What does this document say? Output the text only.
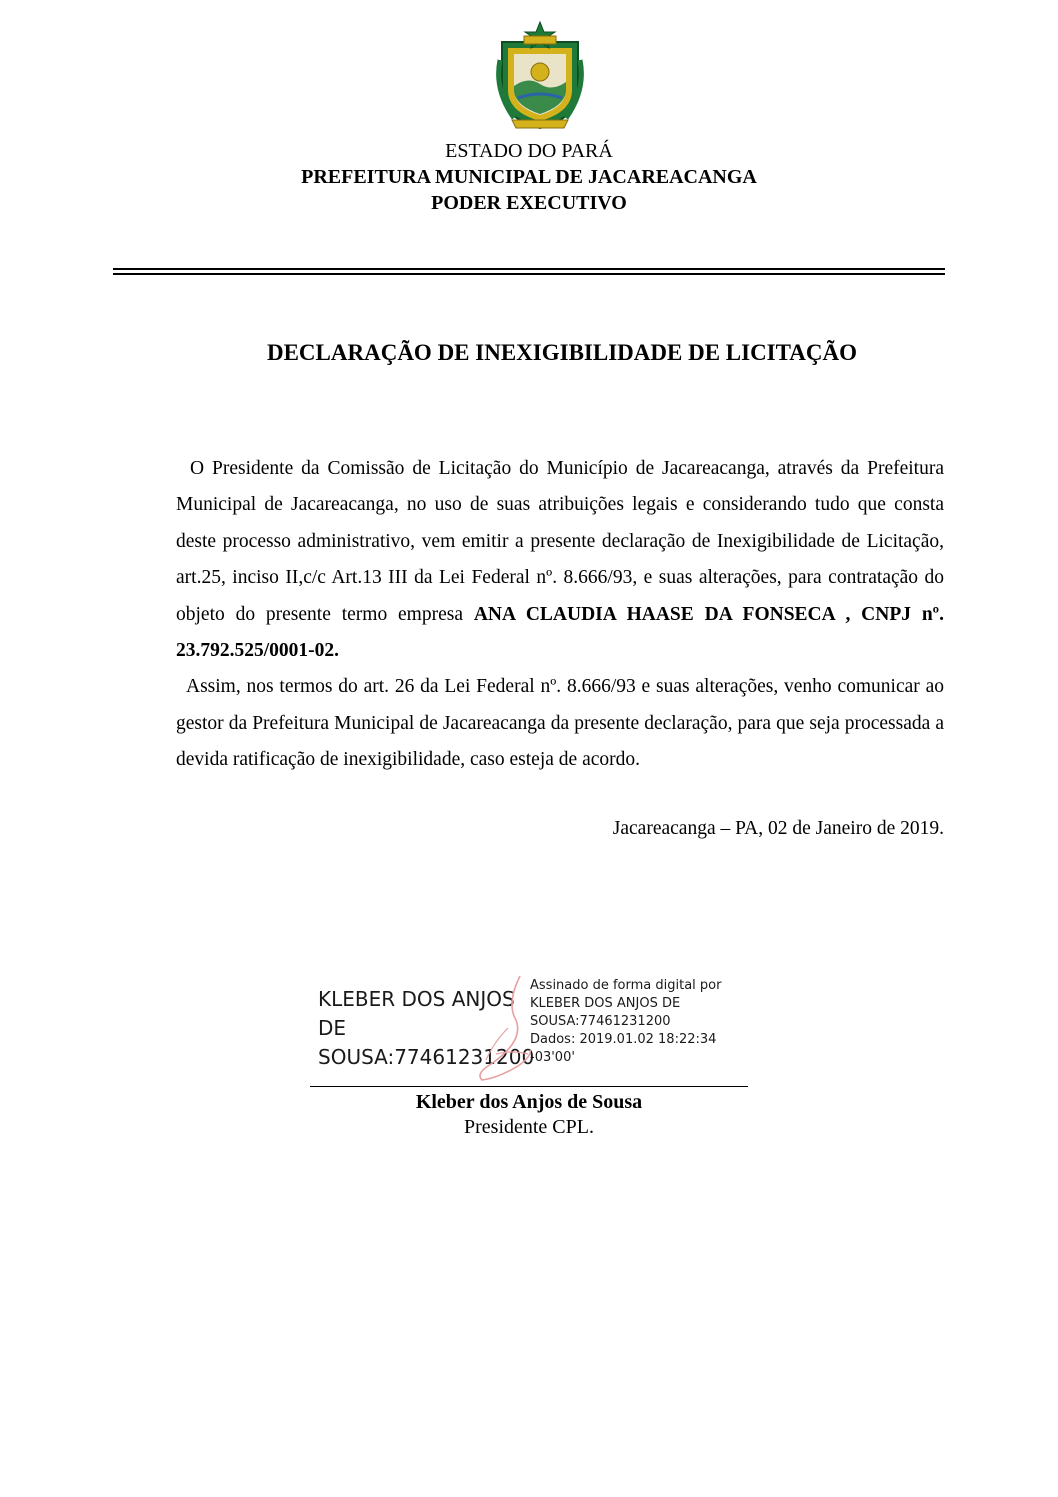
ESTADO DO PARÁ
PREFEITURA MUNICIPAL DE JACAREACANGA
PODER EXECUTIVO
DECLARAÇÃO DE INEXIGIBILIDADE DE LICITAÇÃO

O Presidente da Comissão de Licitação do Município de Jacareacanga, através da Prefeitura Municipal de Jacareacanga, no uso de suas atribuições legais e considerando tudo que consta deste processo administrativo, vem emitir a presente declaração de Inexigibilidade de Licitação, art.25, inciso II,c/c Art.13 III da Lei Federal nº. 8.666/93, e suas alterações, para contratação do objeto do presente termo empresa ANA CLAUDIA HAASE DA FONSECA , CNPJ nº. 23.792.525/0001-02.

Assim, nos termos do art. 26 da Lei Federal nº. 8.666/93 e suas alterações, venho comunicar ao gestor da Prefeitura Municipal de Jacareacanga da presente declaração, para que seja processada a devida ratificação de inexigibilidade, caso esteja de acordo.

Jacareacanga – PA, 02 de Janeiro de 2019.
KLEBER DOS ANJOS
DE
SOUSA:77461231200
Assinado de forma digital por
KLEBER DOS ANJOS DE
SOUSA:77461231200
Dados: 2019.01.02 18:22:34
-03'00'
Kleber dos Anjos de Sousa
Presidente CPL.
